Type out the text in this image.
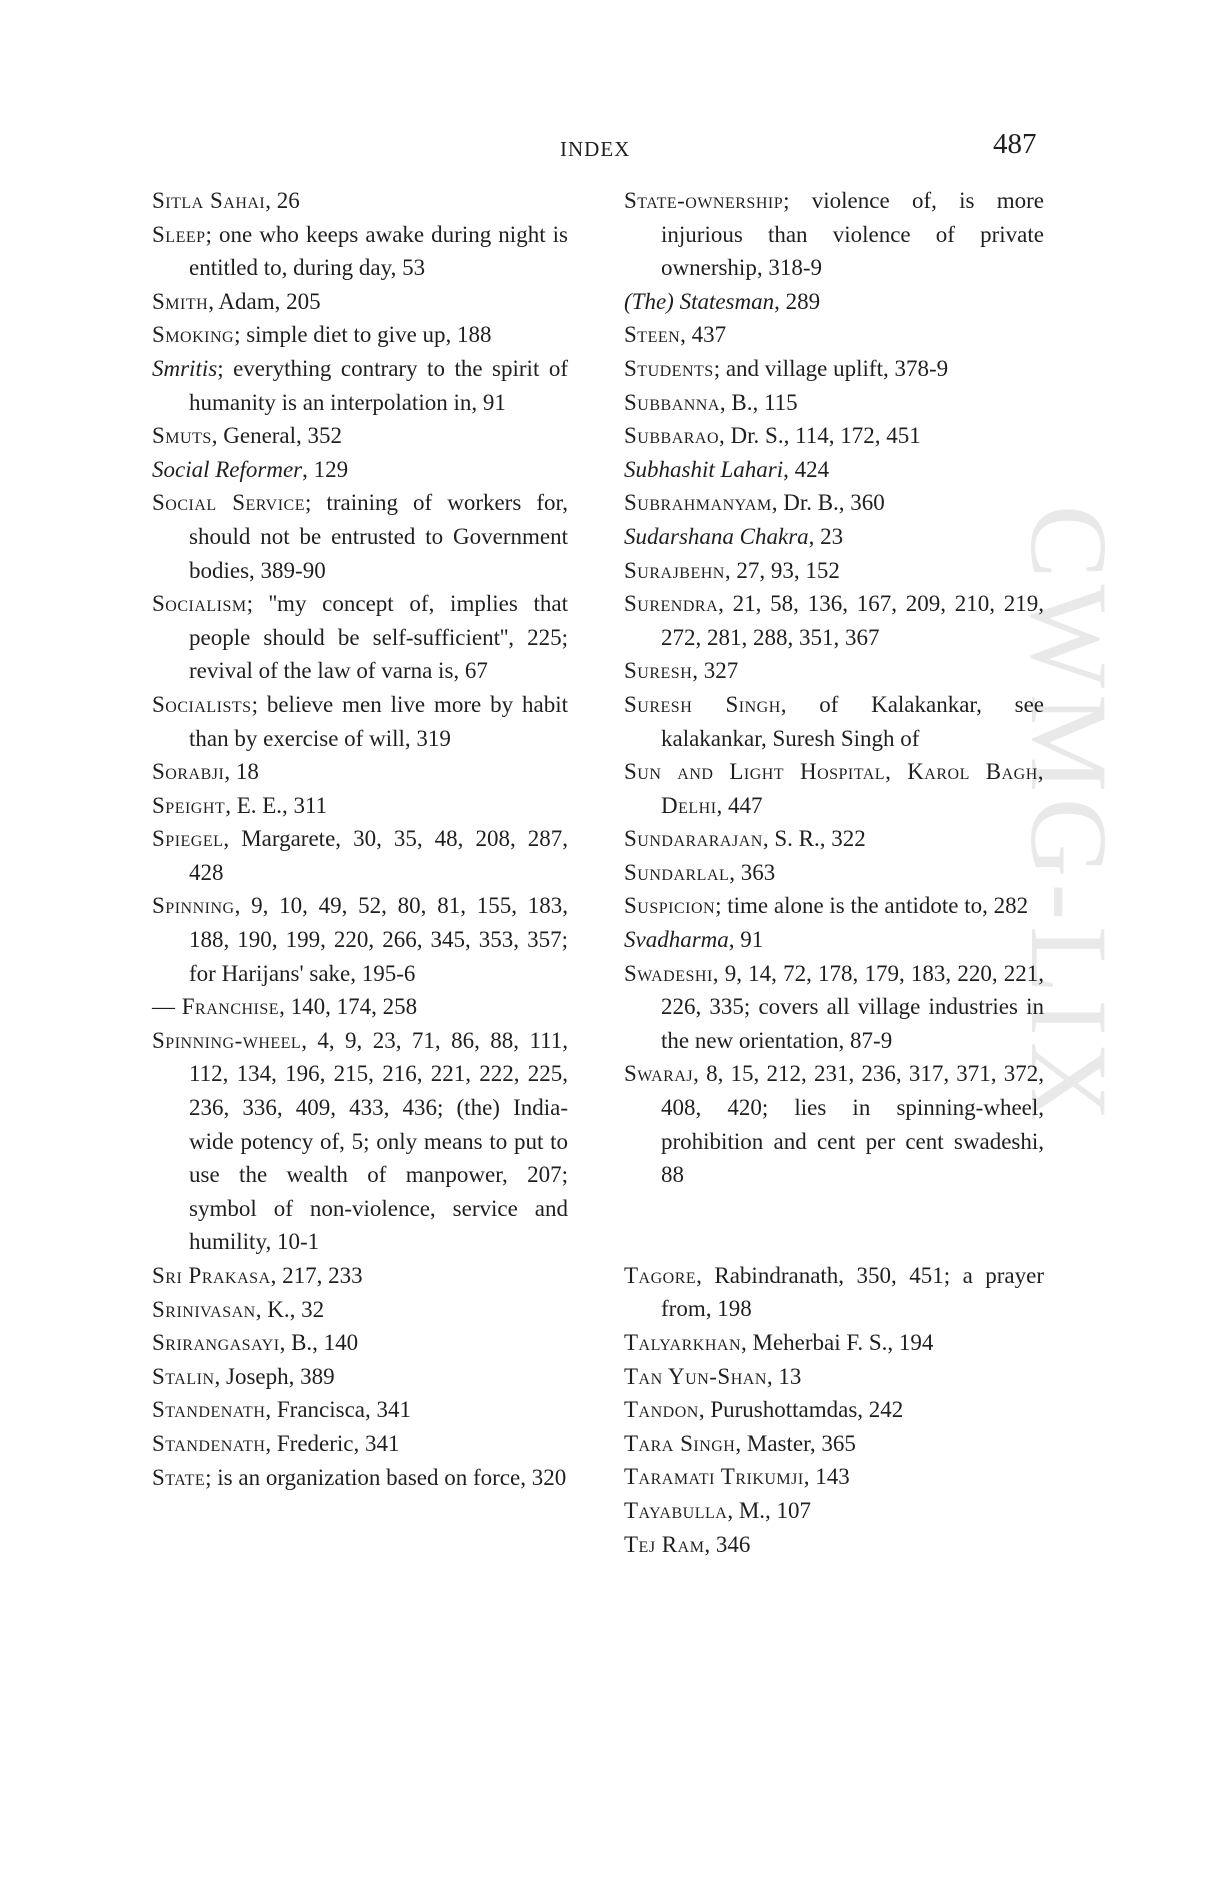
INDEX	487
CWMG-LIX
Sitla Sahai, 26
Sleep; one who keeps awake during night is entitled to, during day, 53
Smith, Adam, 205
Smoking; simple diet to give up, 188
Smritis; everything contrary to the spirit of humanity is an interpolation in, 91
Smuts, General, 352
Social Reformer, 129
Social Service; training of workers for, should not be entrusted to Government bodies, 389-90
Socialism; ''my concept of, implies that people should be self-sufficient'', 225; revival of the law of varna is, 67
Socialists; believe men live more by habit than by exercise of will, 319
Sorabji, 18
Speight, E. E., 311
Spiegel, Margarete, 30, 35, 48, 208, 287, 428
Spinning, 9, 10, 49, 52, 80, 81, 155, 183, 188, 190, 199, 220, 266, 345, 353, 357; for Harijans' sake, 195-6
— Franchise, 140, 174, 258
Spinning-wheel, 4, 9, 23, 71, 86, 88, 111, 112, 134, 196, 215, 216, 221, 222, 225, 236, 336, 409, 433, 436; (the) India-wide potency of, 5; only means to put to use the wealth of manpower, 207; symbol of non-violence, service and humility, 10-1
Sri Prakasa, 217, 233
Srinivasan, K., 32
Srirangasayi, B., 140
Stalin, Joseph, 389
Standenath, Francisca, 341
Standenath, Frederic, 341
State; is an organization based on force, 320
State-ownership; violence of, is more injurious than violence of private ownership, 318-9
(The) Statesman, 289
Steen, 437
Students; and village uplift, 378-9
Subbanna, B., 115
Subbarao, Dr. S., 114, 172, 451
Subhashit Lahari, 424
Subrahmanyam, Dr. B., 360
Sudarshana Chakra, 23
Surajbehn, 27, 93, 152
Surendra, 21, 58, 136, 167, 209, 210, 219, 272, 281, 288, 351, 367
Suresh, 327
Suresh Singh, of Kalakankar, see kalakankar, Suresh Singh of
Sun and Light Hospital, Karol Bagh, Delhi, 447
Sundararajan, S. R., 322
Sundarlal, 363
Suspicion; time alone is the antidote to, 282
Svadharma, 91
Swadeshi, 9, 14, 72, 178, 179, 183, 220, 221, 226, 335; covers all village industries in the new orientation, 87-9
Swaraj, 8, 15, 212, 231, 236, 317, 371, 372, 408, 420; lies in spinning-wheel, prohibition and cent per cent swadeshi, 88
Tagore, Rabindranath, 350, 451; a prayer from, 198
Talyarkhan, Meherbai F. S., 194
Tan Yun-Shan, 13
Tandon, Purushottamdas, 242
Tara Singh, Master, 365
Taramati Trikumji, 143
Tayabulla, M., 107
Tej Ram, 346
